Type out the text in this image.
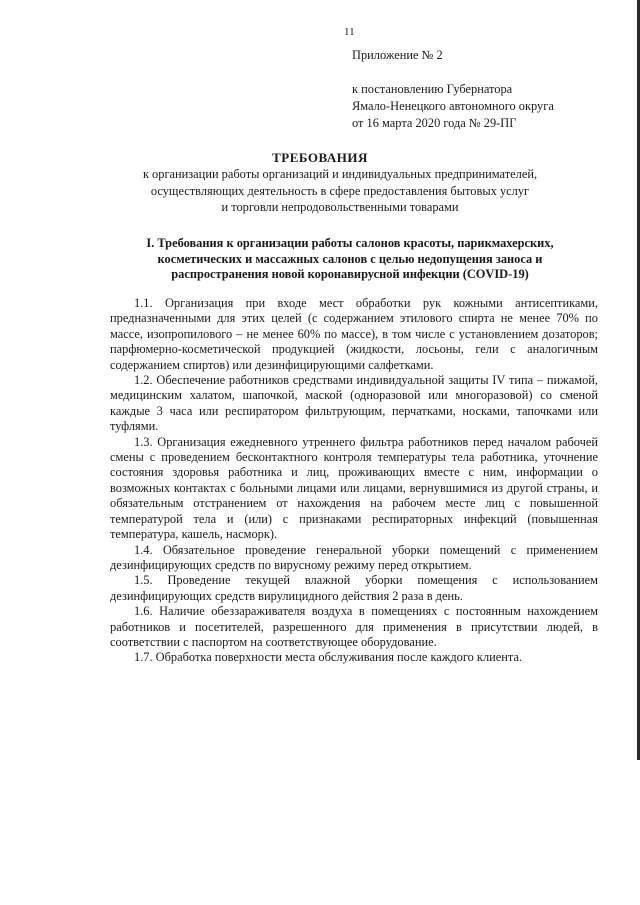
11
Приложение № 2
к постановлению Губернатора
Ямало-Ненецкого автономного округа
от 16 марта 2020 года № 29-ПГ
ТРЕБОВАНИЯ
к организации работы организаций и индивидуальных предпринимателей,
осуществляющих деятельность в сфере предоставления бытовых услуг
и торговли непродовольственными товарами
I. Требования к организации работы салонов красоты, парикмахерских,
косметических и массажных салонов с целью недопущения заноса и
распространения новой коронавирусной инфекции (COVID-19)

1.1. Организация при входе мест обработки рук кожными антисептиками, предназначенными для этих целей (с содержанием этилового спирта не менее 70% по массе, изопропилового – не менее 60% по массе), в том числе с установлением дозаторов; парфюмерно-косметической продукцией (жидкости, лосьоны, гели с аналогичным содержанием спиртов) или дезинфицирующими салфетками.

1.2. Обеспечение работников средствами индивидуальной защиты IV типа – пижамой, медицинским халатом, шапочкой, маской (одноразовой или многоразовой) со сменой каждые 3 часа или респиратором фильтрующим, перчатками, носками, тапочками или туфлями.

1.3. Организация ежедневного утреннего фильтра работников перед началом рабочей смены с проведением бесконтактного контроля температуры тела работника, уточнение состояния здоровья работника и лиц, проживающих вместе с ним, информации о возможных контактах с больными лицами или лицами, вернувшимися из другой страны, и обязательным отстранением от нахождения на рабочем месте лиц с повышенной температурой тела и (или) с признаками респираторных инфекций (повышенная температура, кашель, насморк).

1.4. Обязательное проведение генеральной уборки помещений с применением дезинфицирующих средств по вирусному режиму перед открытием.

1.5. Проведение текущей влажной уборки помещения с использованием дезинфицирующих средств вирулицидного действия 2 раза в день.

1.6. Наличие обеззараживателя воздуха в помещениях с постоянным нахождением работников и посетителей, разрешенного для применения в присутствии людей, в соответствии с паспортом на соответствующее оборудование.

1.7. Обработка поверхности места обслуживания после каждого клиента.
